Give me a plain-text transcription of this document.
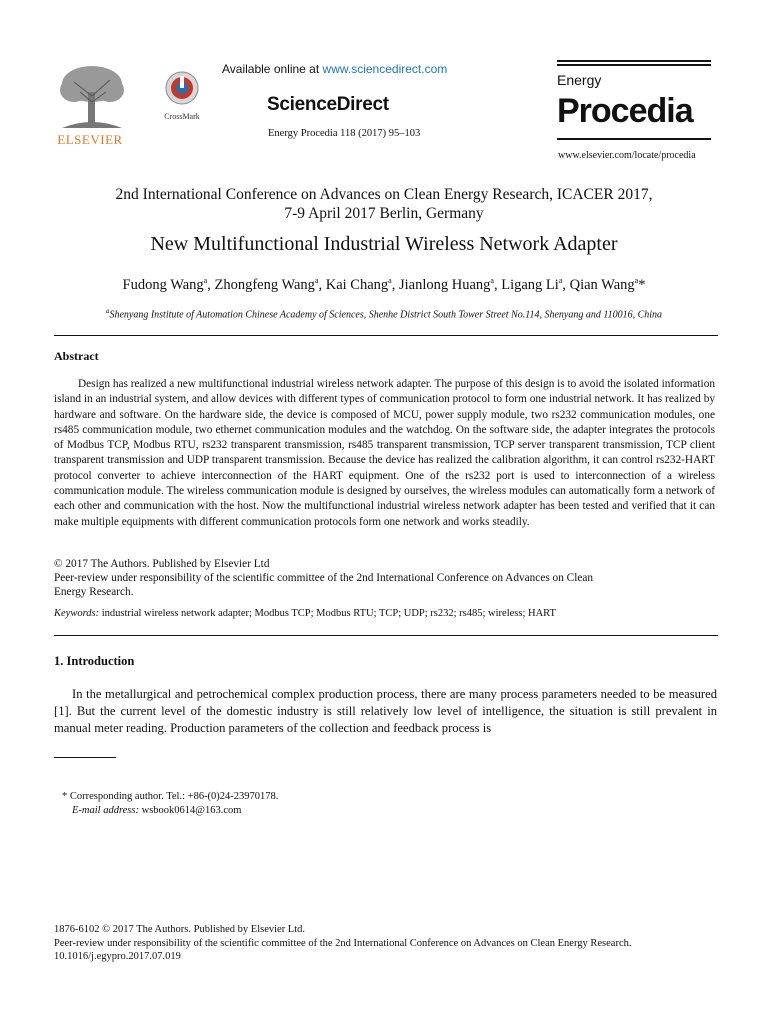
ELSEVIER
CrossMark
Available online at www.sciencedirect.com
ScienceDirect
Energy Procedia 118 (2017) 95–103
Energy
Procedia
www.elsevier.com/locate/procedia
2nd International Conference on Advances on Clean Energy Research, ICACER 2017,
7-9 April 2017 Berlin, Germany
New Multifunctional Industrial Wireless Network Adapter
Fudong Wang$^a$, Zhongfeng Wang$^a$, Kai Chang$^a$, Jianlong Huang$^a$, Ligang Li$^a$, Qian Wang$^a$*
$^a$Shenyang Institute of Automation Chinese Academy of Sciences, Shenhe District South Tower Street No.114, Shenyang and 110016, China
Abstract
Design has realized a new multifunctional industrial wireless network adapter. The purpose of this design is to avoid the isolated information island in an industrial system, and allow devices with different types of communication protocol to form one industrial network. It has realized by hardware and software. On the hardware side, the device is composed of MCU, power supply module, two rs232 communication modules, one rs485 communication module, two ethernet communication modules and the watchdog. On the software side, the adapter integrates the protocols of Modbus TCP, Modbus RTU, rs232 transparent transmission, rs485 transparent transmission, TCP server transparent transmission, TCP client transparent transmission and UDP transparent transmission. Because the device has realized the calibration algorithm, it can control rs232-HART protocol converter to achieve interconnection of the HART equipment. One of the rs232 port is used to interconnection of a wireless communication module. The wireless communication module is designed by ourselves, the wireless modules can automatically form a network of each other and communication with the host. Now the multifunctional industrial wireless network adapter has been tested and verified that it can make multiple equipments with different communication protocols form one network and works steadily.
© 2017 The Authors. Published by Elsevier Ltd
Peer-review under responsibility of the scientific committee of the 2nd International Conference on Advances on Clean
Energy Research.
Keywords: industrial wireless network adapter; Modbus TCP; Modbus RTU; TCP; UDP; rs232; rs485; wireless; HART
1. Introduction
In the metallurgical and petrochemical complex production process, there are many process parameters needed to be measured [1]. But the current level of the domestic industry is still relatively low level of intelligence, the situation is still prevalent in manual meter reading. Production parameters of the collection and feedback process is
* Corresponding author. Tel.: +86-(0)24-23970178.
E-mail address: wsbook0614@163.com
1876-6102 © 2017 The Authors. Published by Elsevier Ltd.
Peer-review under responsibility of the scientific committee of the 2nd International Conference on Advances on Clean Energy Research.
10.1016/j.egypro.2017.07.019
